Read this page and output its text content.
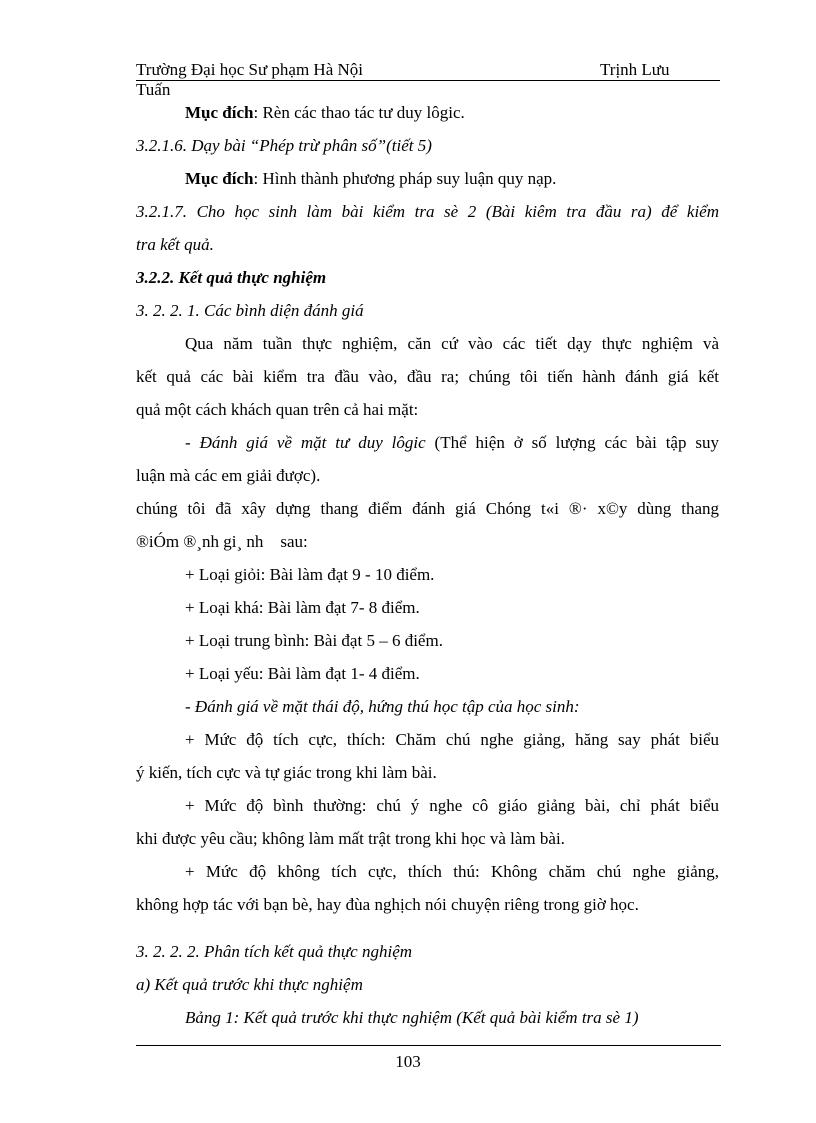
Trường Đại học Sư phạm Hà Nội	Trịnh Lưu
Tuấn
Mục đích: Rèn các thao tác tư duy lôgic.
3.2.1.6. Dạy bài “Phép trừ phân số”(tiết 5)
Mục đích: Hình thành phương pháp suy luận quy nạp.
3.2.1.7. Cho học sinh làm bài kiểm tra sè 2 (Bài kiêm tra đầu ra) để kiểm
tra kết quả.
3.2.2. Kết quả thực nghiệm
3. 2. 2. 1. Các bình diện đánh giá
Qua năm tuần thực nghiệm, căn cứ vào các tiết dạy thực nghiệm và
kết quả các bài kiểm tra đầu vào, đầu ra; chúng tôi tiến hành đánh giá kết
quả một cách khách quan trên cả hai mặt:
- Đánh giá về mặt tư duy lôgic (Thể hiện ở số lượng các bài tập suy
luận mà các em giải được).
chúng tôi đã xây dựng thang điểm đánh giá Chóng t«i ®· x©y dùng thang
®iÓm ®¸nh gi¸ nh    sau:
+ Loại giỏi: Bài làm đạt 9 - 10 điểm.
+ Loại khá: Bài làm đạt 7- 8 điểm.
+ Loại trung bình: Bài đạt 5 – 6 điểm.
+ Loại yếu: Bài làm đạt 1- 4 điểm.
- Đánh giá về mặt thái độ, hứng thú học tập của học sinh:
+ Mức độ tích cực, thích: Chăm chú nghe giảng, hăng say phát biểu
ý kiến, tích cực và tự giác trong khi làm bài.
+ Mức độ bình thường: chú ý nghe cô giáo giảng bài, chỉ phát biểu
khi được yêu cầu; không làm mất trật trong khi học và làm bài.
+ Mức độ không tích cực, thích thú: Không chăm chú nghe giảng,
không hợp tác với bạn bè, hay đùa nghịch nói chuyện riêng trong giờ học.
3. 2. 2. 2. Phân tích kết quả thực nghiệm
a) Kết quả trước khi thực nghiệm
Bảng 1: Kết quả trước khi thực nghiệm (Kết quả bài kiểm tra sè 1)
103
